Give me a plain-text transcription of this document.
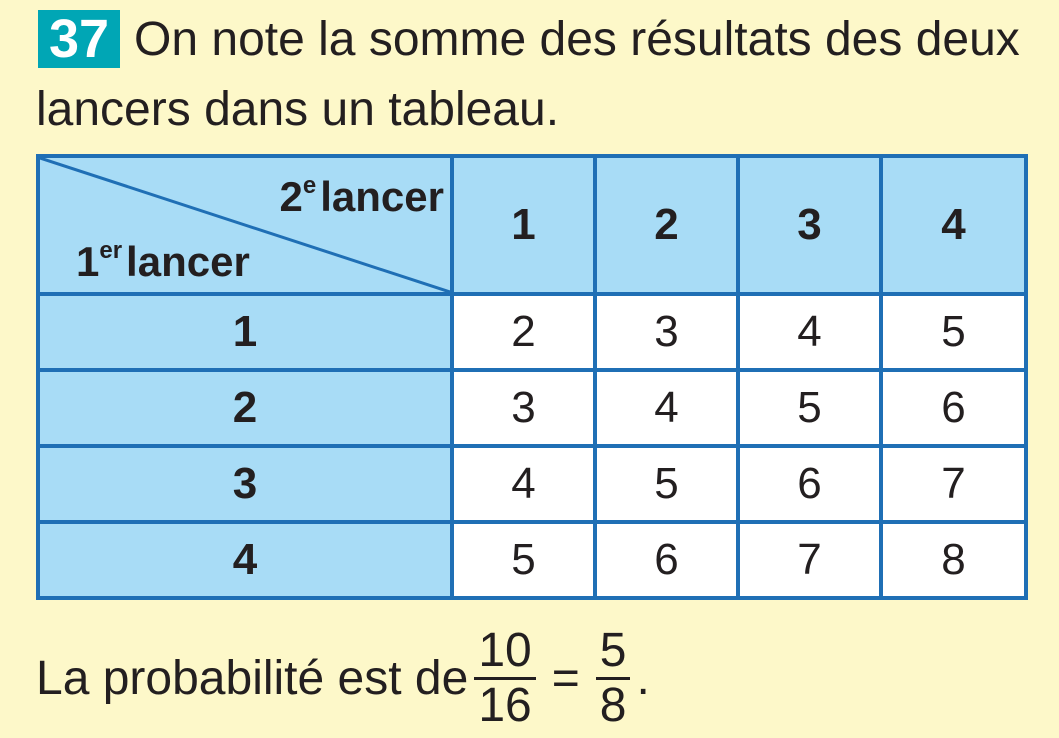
37 On note la somme des résultats des deux
lancers dans un tableau.
2elancer
1erlancer	1	2	3	4
1	2	3	4	5
2	3	4	5	6
3	4	5	6	7
4	5	6	7	8
La probabilité est de $\frac{10}{16} = \frac{5}{8}$ .
